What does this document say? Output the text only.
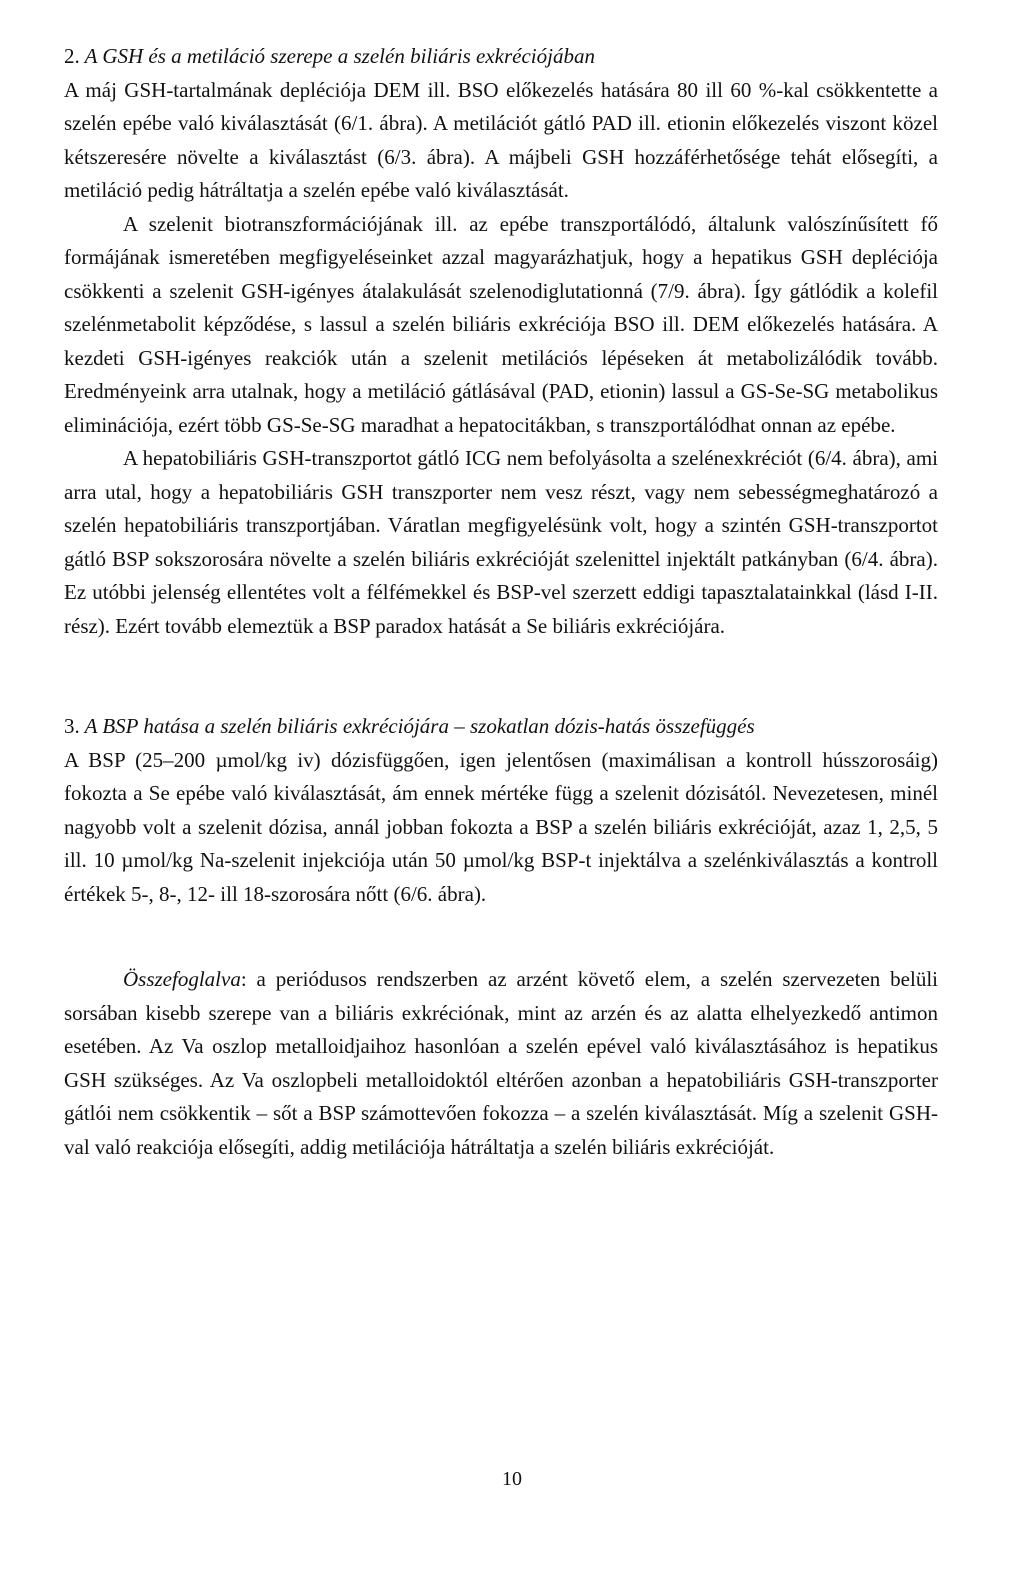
2. A GSH és a metiláció szerepe a szelén biliáris exkréciójában

A máj GSH-tartalmának depléciója DEM ill. BSO előkezelés hatására 80 ill 60 %-kal csökkentette a szelén epébe való kiválasztását (6/1. ábra). A metilációt gátló PAD ill. etionin előkezelés viszont közel kétszeresére növelte a kiválasztást (6/3. ábra). A májbeli GSH hozzáférhetősége tehát elősegíti, a metiláció pedig hátráltatja a szelén epébe való kiválasztását.

A szelenit biotranszformációjának ill. az epébe transzportálódó, általunk valószínűsített fő formájának ismeretében megfigyeléseinket azzal magyarázhatjuk, hogy a hepatikus GSH depléciója csökkenti a szelenit GSH-igényes átalakulását szelenodiglutationná (7/9. ábra). Így gátlódik a kolefil szelénmetabolit képződése, s lassul a szelén biliáris exkréciója BSO ill. DEM előkezelés hatására. A kezdeti GSH-igényes reakciók után a szelenit metilációs lépéseken át metabolizálódik tovább. Eredményeink arra utalnak, hogy a metiláció gátlásával (PAD, etionin) lassul a GS-Se-SG metabolikus eliminációja, ezért több GS-Se-SG maradhat a hepatocitákban, s transzportálódhat onnan az epébe.

A hepatobiliáris GSH-transzportot gátló ICG nem befolyásolta a szelénexkréciót (6/4. ábra), ami arra utal, hogy a hepatobiliáris GSH transzporter nem vesz részt, vagy nem sebességmeghatározó a szelén hepatobiliáris transzportjában. Váratlan megfigyelésünk volt, hogy a szintén GSH-transzportot gátló BSP sokszorosára növelte a szelén biliáris exkrécióját szelenittel injektált patkányban (6/4. ábra). Ez utóbbi jelenség ellentétes volt a félfémekkel és BSP-vel szerzett eddigi tapasztalatainkkal (lásd I-II. rész). Ezért tovább elemeztük a BSP paradox hatását a Se biliáris exkréciójára.

3. A BSP hatása a szelén biliáris exkréciójára – szokatlan dózis-hatás összefüggés

A BSP (25–200 µmol/kg iv) dózisfüggően, igen jelentősen (maximálisan a kontroll hússzorosáig) fokozta a Se epébe való kiválasztását, ám ennek mértéke függ a szelenit dózisától. Nevezetesen, minél nagyobb volt a szelenit dózisa, annál jobban fokozta a BSP a szelén biliáris exkrécióját, azaz 1, 2,5, 5 ill. 10 µmol/kg Na-szelenit injekciója után 50 µmol/kg BSP-t injektálva a szelénkiválasztás a kontroll értékek 5-, 8-, 12- ill 18-szorosára nőtt (6/6. ábra).

Összefoglalva: a periódusos rendszerben az arzént követő elem, a szelén szervezeten belüli sorsában kisebb szerepe van a biliáris exkréciónak, mint az arzén és az alatta elhelyezkedő antimon esetében. Az Va oszlop metalloidjaihoz hasonlóan a szelén epével való kiválasztásához is hepatikus GSH szükséges. Az Va oszlopbeli metalloidoktól eltérően azonban a hepatobiliáris GSH-transzporter gátlói nem csökkentik – sőt a BSP számottevően fokozza – a szelén kiválasztását. Míg a szelenit GSH-val való reakciója elősegíti, addig metilációja hátráltatja a szelén biliáris exkrécióját.

10
